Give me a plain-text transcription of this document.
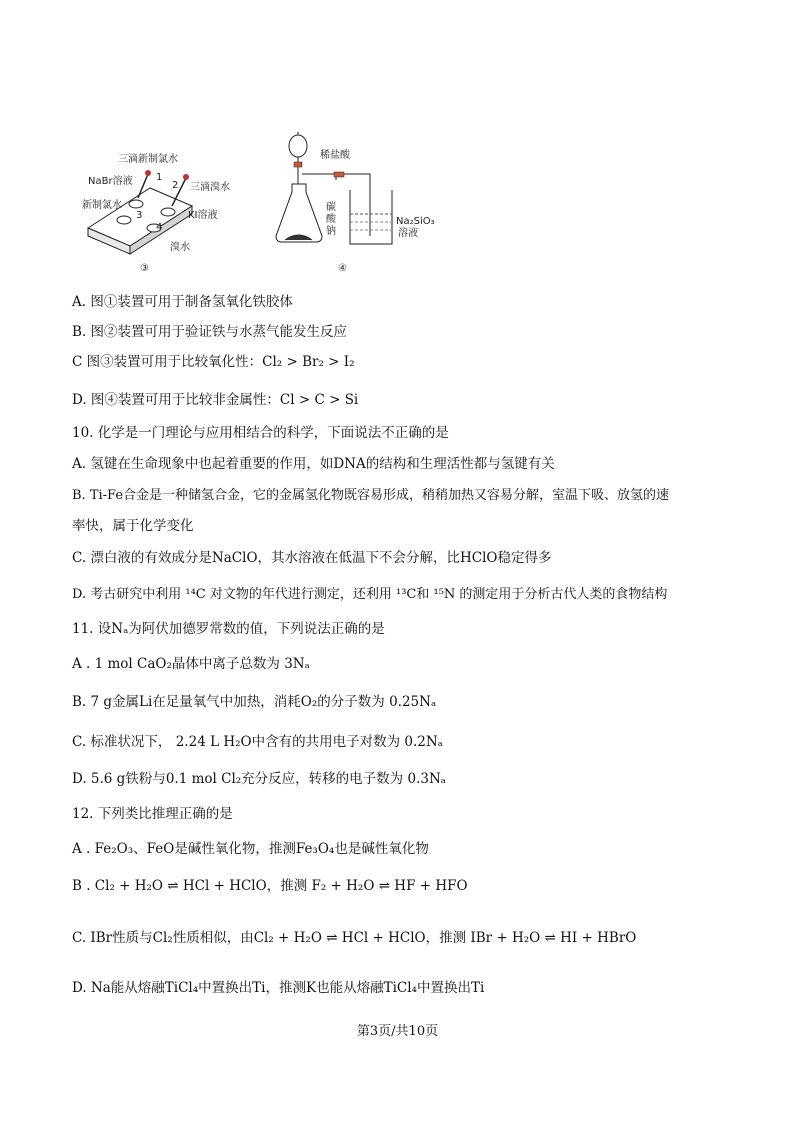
三滴新制氯水
NaBr溶液 1
2 三滴溴水
新制氯水
3	KI溶液
4
溴水
③
稀盐酸
碳
酸
钠
Na₂SiO₃
溶液
④
A. 图①装置可用于制备氢氧化铁胶体
B. 图②装置可用于验证铁与水蒸气能发生反应
C 图③装置可用于比较氧化性：Cl₂ > Br₂ > I₂
D. 图④装置可用于比较非金属性：Cl > C > Si
10. 化学是一门理论与应用相结合的科学，下面说法不正确的是
A. 氢键在生命现象中也起着重要的作用，如DNA的结构和生理活性都与氢键有关
B. Ti-Fe合金是一种储氢合金，它的金属氢化物既容易形成，稍稍加热又容易分解，室温下吸、放氢的速
率快，属于化学变化
C. 漂白液的有效成分是NaClO，其水溶液在低温下不会分解，比HClO稳定得多
D. 考古研究中利用 ¹⁴C 对文物的年代进行测定，还利用 ¹³C和 ¹⁵N 的测定用于分析古代人类的食物结构
11. 设Nₐ为阿伏加德罗常数的值，下列说法正确的是
A . 1 mol CaO₂晶体中离子总数为 3Nₐ
B. 7 g金属Li在足量氧气中加热，消耗O₂的分子数为 0.25Nₐ
C. 标准状况下， 2.24 L H₂O中含有的共用电子对数为 0.2Nₐ
D. 5.6 g铁粉与0.1 mol Cl₂充分反应，转移的电子数为 0.3Nₐ
12. 下列类比推理正确的是
A . Fe₂O₃、FeO是碱性氧化物，推测Fe₃O₄也是碱性氧化物
B . Cl₂ + H₂O ⇌ HCl + HClO，推测 F₂ + H₂O ⇌ HF + HFO
C. IBr性质与Cl₂性质相似，由Cl₂ + H₂O ⇌ HCl + HClO，推测 IBr + H₂O ⇌ HI + HBrO
D. Na能从熔融TiCl₄中置换出Ti，推测K也能从熔融TiCl₄中置换出Ti
第3页/共10页
